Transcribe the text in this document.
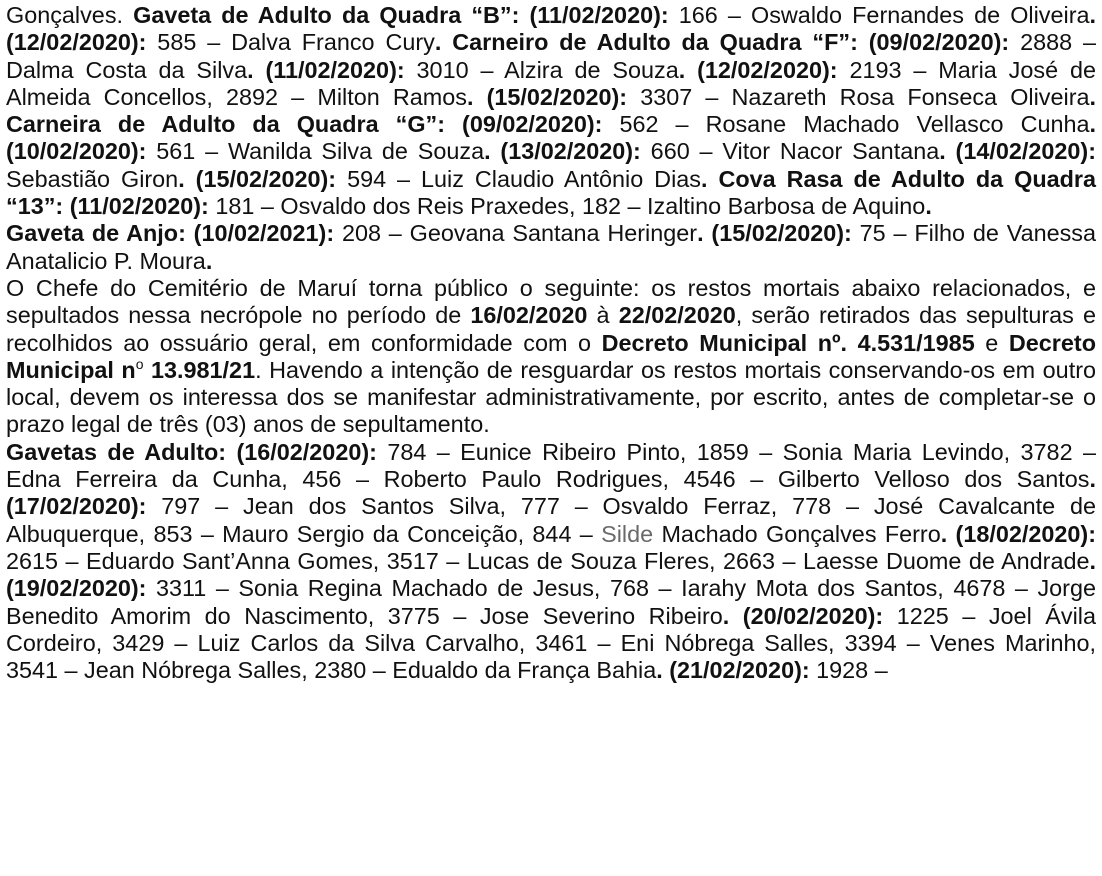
Gonçalves. Gaveta de Adulto da Quadra “B”: (11/02/2020): 166 – Oswaldo Fernandes de Oliveira. (12/02/2020): 585 – Dalva Franco Cury. Carneiro de Adulto da Quadra “F”: (09/02/2020): 2888 – Dalma Costa da Silva. (11/02/2020): 3010 – Alzira de Souza. (12/02/2020): 2193 – Maria José de Almeida Concellos, 2892 – Milton Ramos. (15/02/2020): 3307 – Nazareth Rosa Fonseca Oliveira. Carneira de Adulto da Quadra “G”: (09/02/2020): 562 – Rosane Machado Vellasco Cunha. (10/02/2020): 561 – Wanilda Silva de Souza. (13/02/2020): 660 – Vitor Nacor Santana. (14/02/2020): Sebastião Giron. (15/02/2020): 594 – Luiz Claudio Antônio Dias. Cova Rasa de Adulto da Quadra “13”: (11/02/2020): 181 – Osvaldo dos Reis Praxedes, 182 – Izaltino Barbosa de Aquino.

Gaveta de Anjo: (10/02/2021): 208 – Geovana Santana Heringer. (15/02/2020): 75 – Filho de Vanessa Anatalicio P. Moura.

O Chefe do Cemitério de Maruí torna público o seguinte: os restos mortais abaixo relacionados, e sepultados nessa necrópole no período de 16/02/2020 à 22/02/2020, serão retirados das sepulturas e recolhidos ao ossuário geral, em conformidade com o Decreto Municipal nº. 4.531/1985 e Decreto Municipal $n^o$ 13.981/21. Havendo a intenção de resguardar os restos mortais conservando-os em outro local, devem os interessa dos se manifestar administrativamente, por escrito, antes de completar-se o prazo legal de três (03) anos de sepultamento.

Gavetas de Adulto: (16/02/2020): 784 – Eunice Ribeiro Pinto, 1859 – Sonia Maria Levindo, 3782 – Edna Ferreira da Cunha, 456 – Roberto Paulo Rodrigues, 4546 – Gilberto Velloso dos Santos. (17/02/2020): 797 – Jean dos Santos Silva, 777 – Osvaldo Ferraz, 778 – José Cavalcante de Albuquerque, 853 – Mauro Sergio da Conceição, 844 – Silde Machado Gonçalves Ferro. (18/02/2020): 2615 – Eduardo Sant’Anna Gomes, 3517 – Lucas de Souza Fleres, 2663 – Laesse Duome de Andrade. (19/02/2020): 3311 – Sonia Regina Machado de Jesus, 768 – Iarahy Mota dos Santos, 4678 – Jorge Benedito Amorim do Nascimento, 3775 – Jose Severino Ribeiro. (20/02/2020): 1225 – Joel Ávila Cordeiro, 3429 – Luiz Carlos da Silva Carvalho, 3461 – Eni Nóbrega Salles, 3394 – Venes Marinho, 3541 – Jean Nóbrega Salles, 2380 – Edualdo da França Bahia. (21/02/2020): 1928 –
